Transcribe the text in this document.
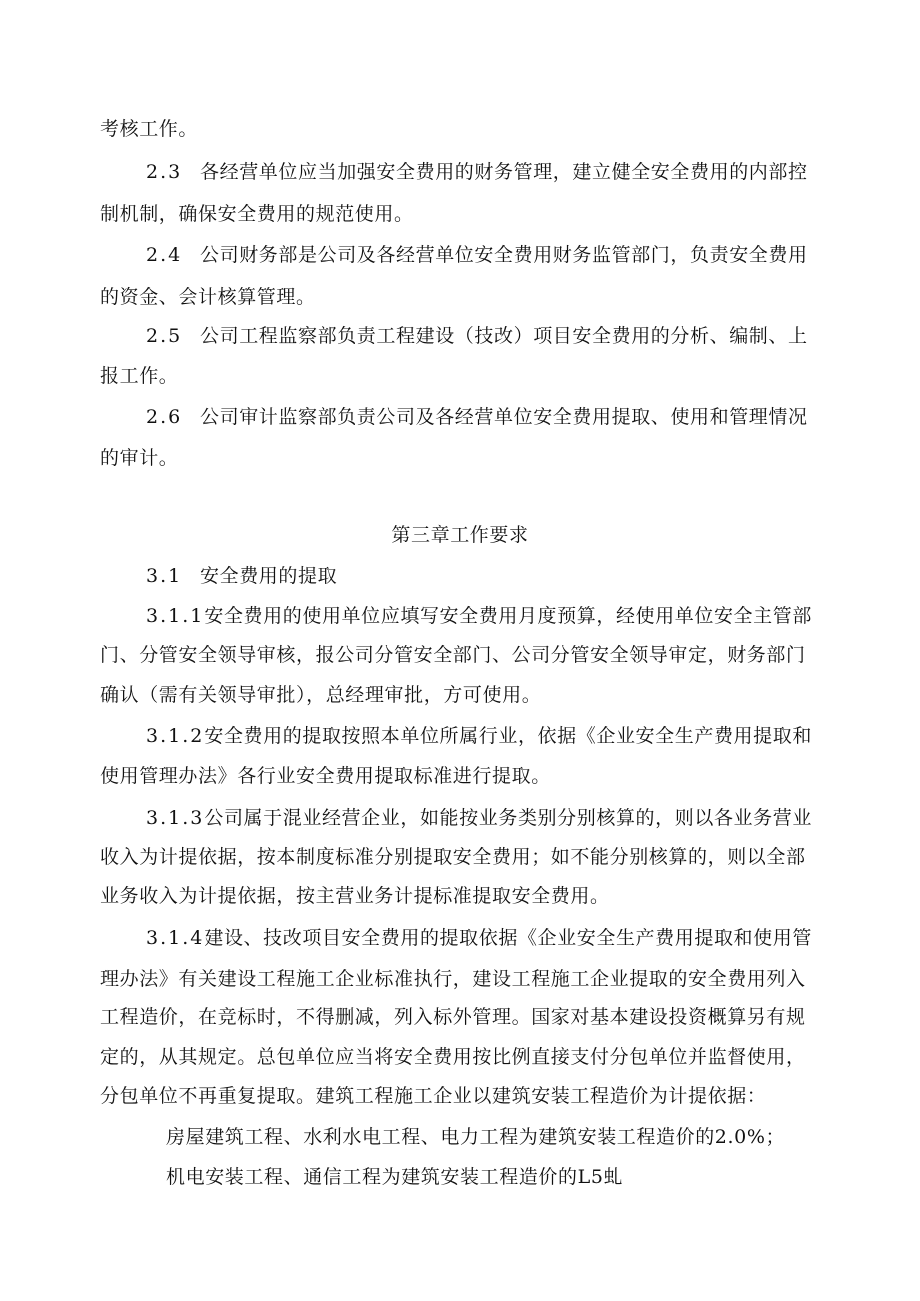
考核工作。
2.3 各经营单位应当加强安全费用的财务管理，建立健全安全费用的内部控
制机制，确保安全费用的规范使用。
2.4 公司财务部是公司及各经营单位安全费用财务监管部门，负责安全费用
的资金、会计核算管理。
2.5 公司工程监察部负责工程建设（技改）项目安全费用的分析、编制、上
报工作。
2.6 公司审计监察部负责公司及各经营单位安全费用提取、使用和管理情况
的审计。
第三章工作要求
3.1 安全费用的提取
3.1.1安全费用的使用单位应填写安全费用月度预算，经使用单位安全主管部
门、分管安全领导审核，报公司分管安全部门、公司分管安全领导审定，财务部门
确认（需有关领导审批），总经理审批，方可使用。
3.1.2安全费用的提取按照本单位所属行业，依据《企业安全生产费用提取和
使用管理办法》各行业安全费用提取标准进行提取。
3.1.3公司属于混业经营企业，如能按业务类别分别核算的，则以各业务营业
收入为计提依据，按本制度标准分别提取安全费用；如不能分别核算的，则以全部
业务收入为计提依据，按主营业务计提标准提取安全费用。
3.1.4建设、技改项目安全费用的提取依据《企业安全生产费用提取和使用管
理办法》有关建设工程施工企业标准执行，建设工程施工企业提取的安全费用列入
工程造价，在竞标时，不得删减，列入标外管理。国家对基本建设投资概算另有规
定的，从其规定。总包单位应当将安全费用按比例直接支付分包单位并监督使用，
分包单位不再重复提取。建筑工程施工企业以建筑安装工程造价为计提依据：
房屋建筑工程、水利水电工程、电力工程为建筑安装工程造价的2.0%；
机电安装工程、通信工程为建筑安装工程造价的L5虬
